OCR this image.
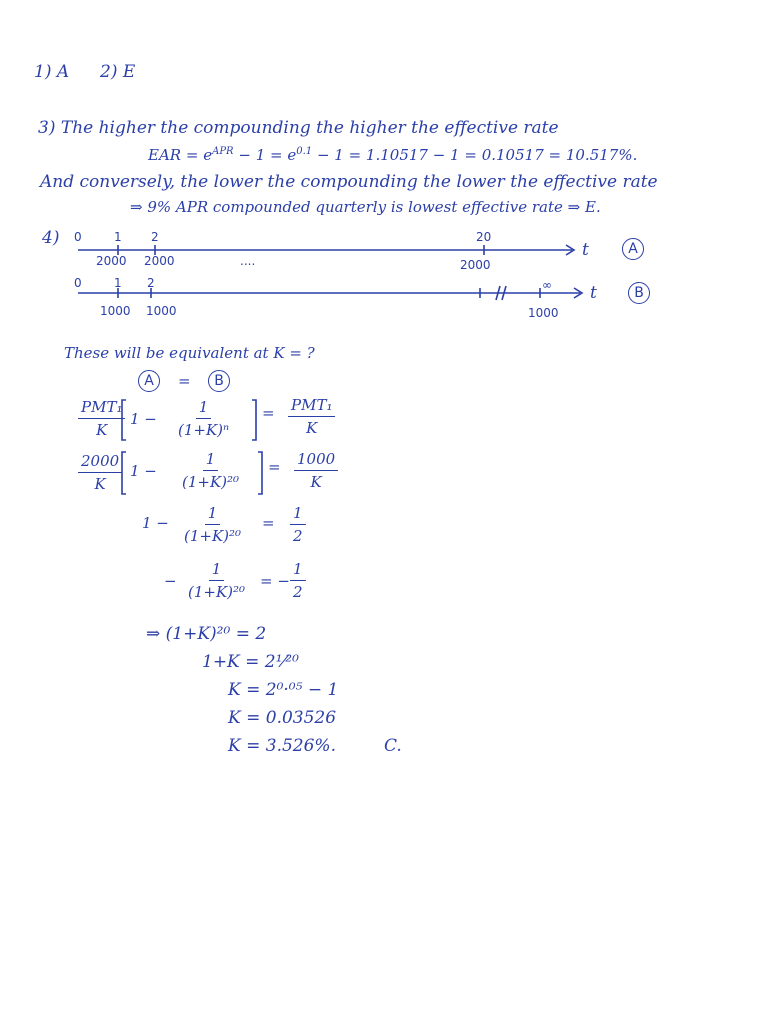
1) A 2) E
3) The higher the compounding the higher the effective rate
EAR = $e^{APR} - 1 = e^{0.1} - 1 = 1.10517 - 1 = 0.10517 = 10.517\%$.
And conversely, the lower the compounding the lower the effective rate
⇒ 9% APR compounded quarterly is lowest effective rate ⇒ E.
4) 0	1 2	20
2000 2000	....	2000
t	A
0	1 2	∞
1000 1000	1000
t	B
These will be equivalent at K = ?
A	=	B
PMT₁
K
$1 - \frac{1}{\text{(1+K)ⁿ}} = PMT_1$
K
$\frac{2000}{K} 1 - \frac{1}{\text{(1+K)²⁰}} = \frac{1000}{K}$
$1 - \frac{1}{\text{(1+K)²⁰}} = \frac{1}{2}$
− $\frac{1}{\text{(1+K)²⁰}}$ = − $\frac{1}{2}$
⇒ (1+K)²⁰ = 2
1+K = 2¹⁄²⁰
K = 2⁰·⁰⁵ − 1
K = 0.03526
K = 3.526%.	C.
